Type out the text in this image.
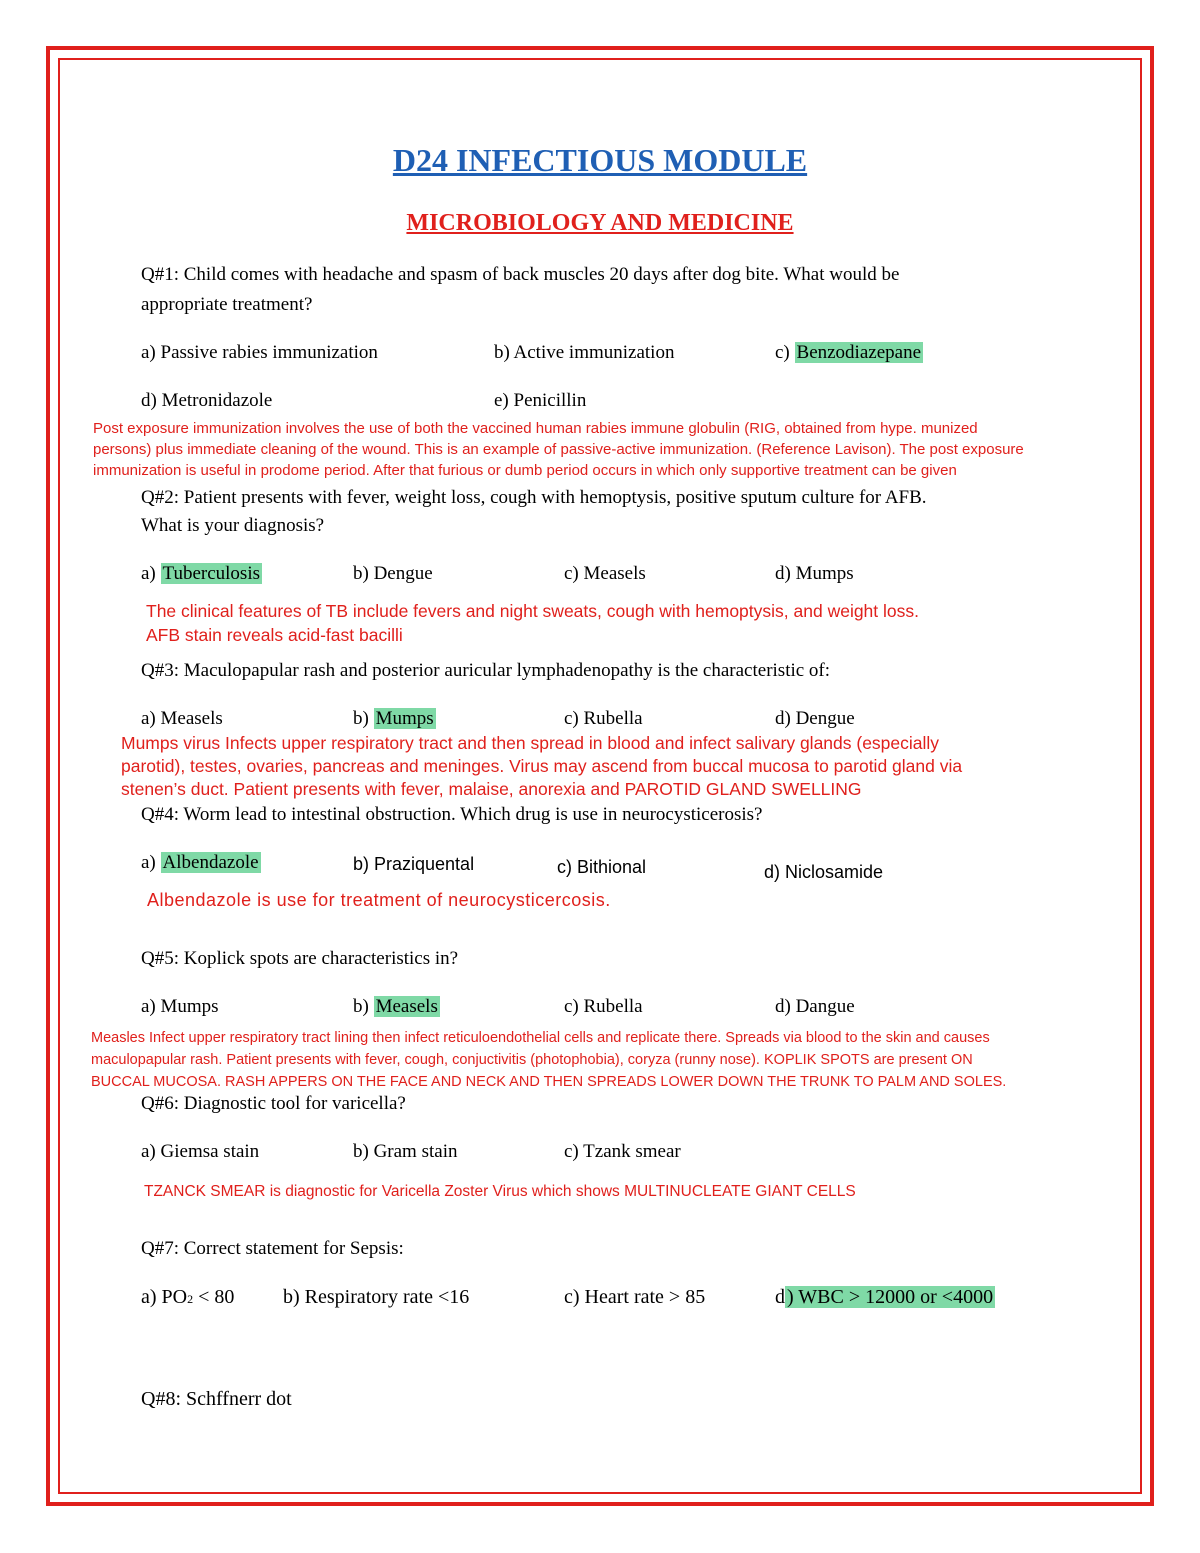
D24 INFECTIOUS MODULE
MICROBIOLOGY AND MEDICINE
Q#1: Child comes with headache and spasm of back muscles 20 days after dog bite. What would be
appropriate treatment?
a) Passive rabies immunization	b) Active immunization	c) Benzodiazepane
d) Metronidazole	e) Penicillin
Post exposure immunization involves the use of both the vaccined human rabies immune globulin (RIG, obtained from hype. munized
persons) plus immediate cleaning of the wound. This is an example of passive-active immunization. (Reference Lavison). The post exposure
immunization is useful in prodome period. After that furious or dumb period occurs in which only supportive treatment can be given
Q#2: Patient presents with fever, weight loss, cough with hemoptysis, positive sputum culture for AFB.
What is your diagnosis?
a) Tuberculosis	b) Dengue	c) Measels	d) Mumps
The clinical features of TB include fevers and night sweats, cough with hemoptysis, and weight loss.
AFB stain reveals acid-fast bacilli
Q#3: Maculopapular rash and posterior auricular lymphadenopathy is the characteristic of:
a) Measels	b) Mumps	c) Rubella	d) Dengue
Mumps virus Infects upper respiratory tract and then spread in blood and infect salivary glands (especially
parotid), testes, ovaries, pancreas and meninges. Virus may ascend from buccal mucosa to parotid gland via
stenen’s duct. Patient presents with fever, malaise, anorexia and PAROTID GLAND SWELLING
Q#4: Worm lead to intestinal obstruction. Which drug is use in neurocysticerosis?
a) Albendazole	b) Praziquental	c) Bithional	d) Niclosamide
Albendazole is use for treatment of neurocysticercosis.
Q#5: Koplick spots are characteristics in?
a) Mumps	b) Measels	c) Rubella	d) Dangue
Measles Infect upper respiratory tract lining then infect reticuloendothelial cells and replicate there. Spreads via blood to the skin and causes
maculopapular rash. Patient presents with fever, cough, conjuctivitis (photophobia), coryza (runny nose). KOPLIK SPOTS are present ON
BUCCAL MUCOSA. RASH APPERS ON THE FACE AND NECK AND THEN SPREADS LOWER DOWN THE TRUNK TO PALM AND SOLES.
Q#6: Diagnostic tool for varicella?
a) Giemsa stain	b) Gram stain	c) Tzank smear
TZANCK SMEAR is diagnostic for Varicella Zoster Virus which shows MULTINUCLEATE GIANT CELLS
Q#7: Correct statement for Sepsis:
a) PO2 < 80 b) Respiratory rate <16	c) Heart rate > 85	d ) WBC > 12000 or <4000
Q#8: Schffnerr dot
